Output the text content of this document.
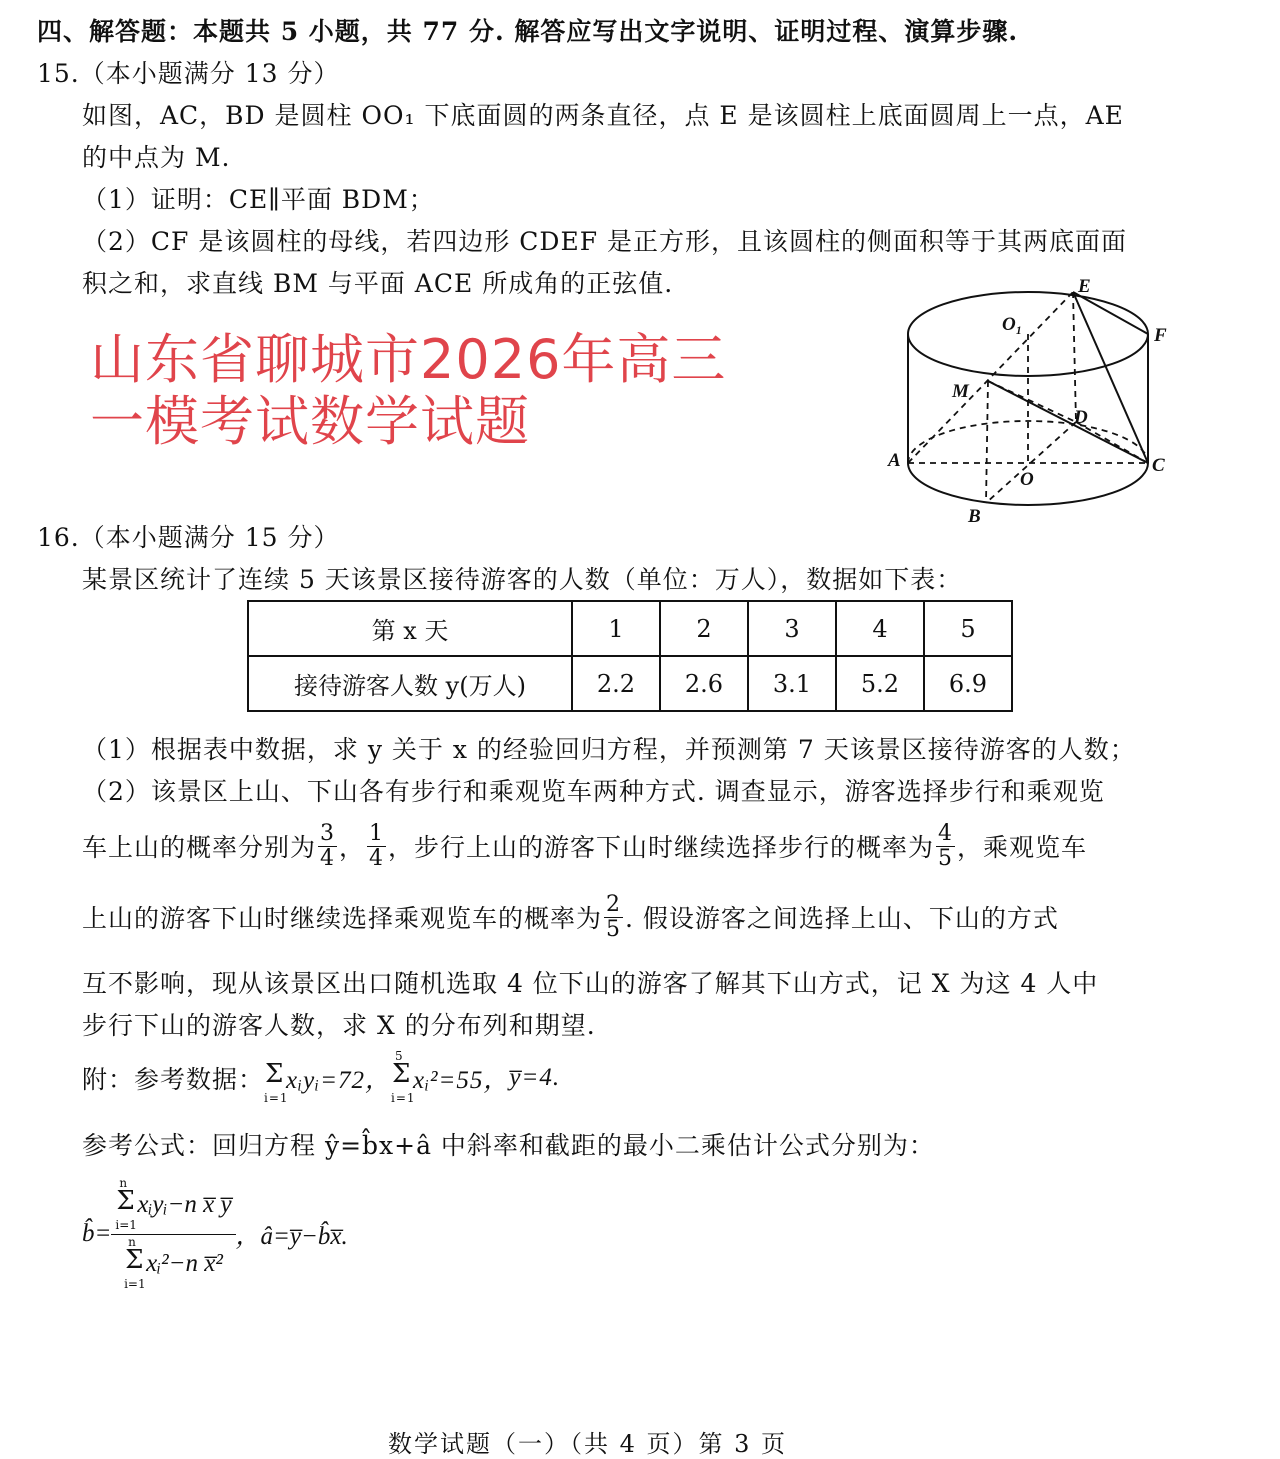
四、解答题：本题共 5 小题，共 77 分. 解答应写出文字说明、证明过程、演算步骤.
15.（本小题满分 13 分）
如图，AC，BD 是圆柱 OO₁ 下底面圆的两条直径，点 E 是该圆柱上底面圆周上一点，AE
的中点为 M.
（1）证明：CE∥平面 BDM；
（2）CF 是该圆柱的母线，若四边形 CDEF 是正方形，且该圆柱的侧面积等于其两底面面
积之和，求直线 BM 与平面 ACE 所成角的正弦值.
山东省聊城市2026年高三
一模考试数学试题
E
F
O₁
M
D
A	C
O
B
16.（本小题满分 15 分）
某景区统计了连续 5 天该景区接待游客的人数（单位：万人），数据如下表：
第 x 天	1	2	3	4	5
接待游客人数 y(万人)	2.2	2.6	3.1	5.2	6.9
（1）根据表中数据，求 y 关于 x 的经验回归方程，并预测第 7 天该景区接待游客的人数；
（2）该景区上山、下山各有步行和乘观览车两种方式. 调查显示，游客选择步行和乘观览
车上山的概率分别为 $\frac{3}{4}$ ， $\frac{1}{4}$ ，步行上山的游客下山时继续选择步行的概率为 $\frac{4}{5}$ ，乘观览车
上山的游客下山时继续选择乘观览车的概率为 $\frac{2}{5}$ . 假设游客之间选择上山、下山的方式
互不影响，现从该景区出口随机选取 4 位下山的游客了解其下山方式，记 X 为这 4 人中
步行下山的游客人数，求 X 的分布列和期望.
附：参考数据： Σ
i=1
xᵢyᵢ=72，
5
Σ
i=1
xᵢ²=55， y̅=4.
参考公式：回归方程 ŷ=b̂x+â 中斜率和截距的最小二乘估计公式分别为：
b̂=
n
Σ
i=1
xᵢyᵢ−n x̅ y̅
n
Σ
i=1
xᵢ²−n x̅²
，â=y̅−b̂x̅.
数学试题（一）（共 4 页）第 3 页
